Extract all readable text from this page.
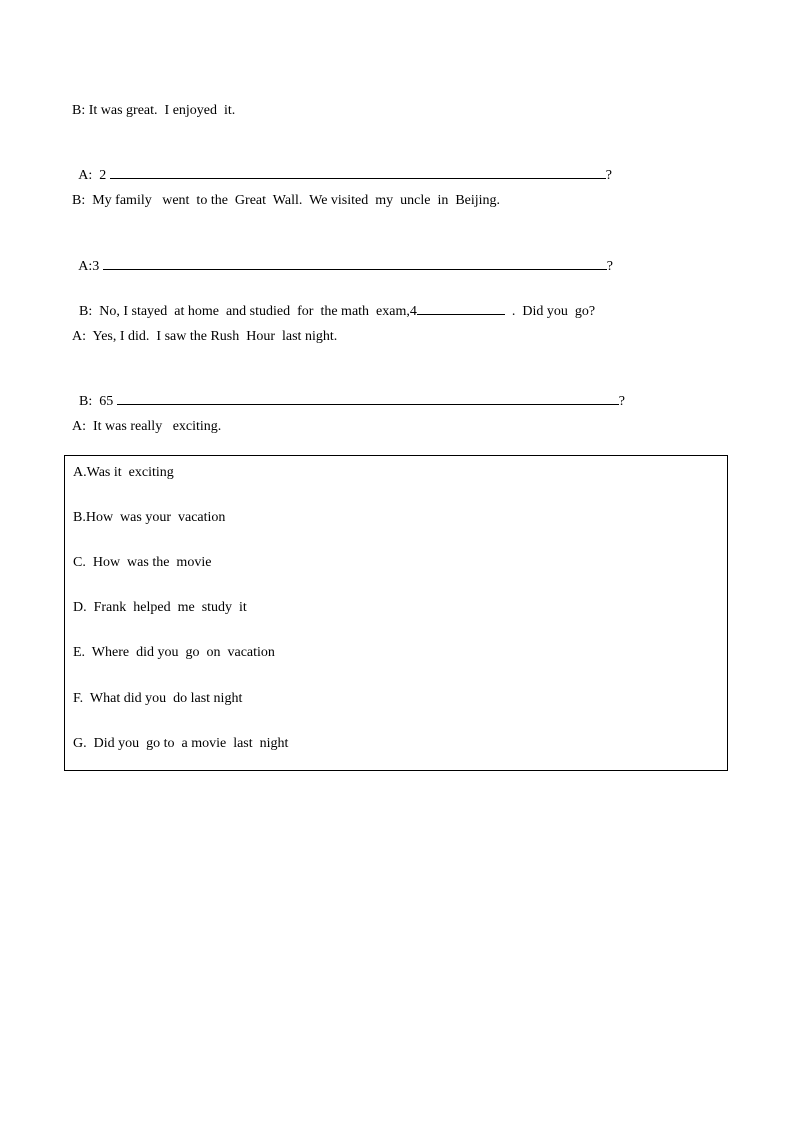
B: It was great.  I enjoyed  it.

A:  2	?

B:  My family   went  to the  Great  Wall.  We visited  my  uncle  in  Beijing.

A:3	?

B:  No, I stayed  at home  and studied  for  the math  exam,4	.  Did you  go?

A:  Yes, I did.  I saw the Rush  Hour  last night.

B:  65	?

A:  It was really   exciting.
A.Was it  exciting
B.How  was your  vacation
C.  How  was the  movie
D.  Frank  helped  me  study  it
E.  Where  did you  go  on  vacation
F.  What did you  do last night
G.  Did you  go to  a movie  last  night
